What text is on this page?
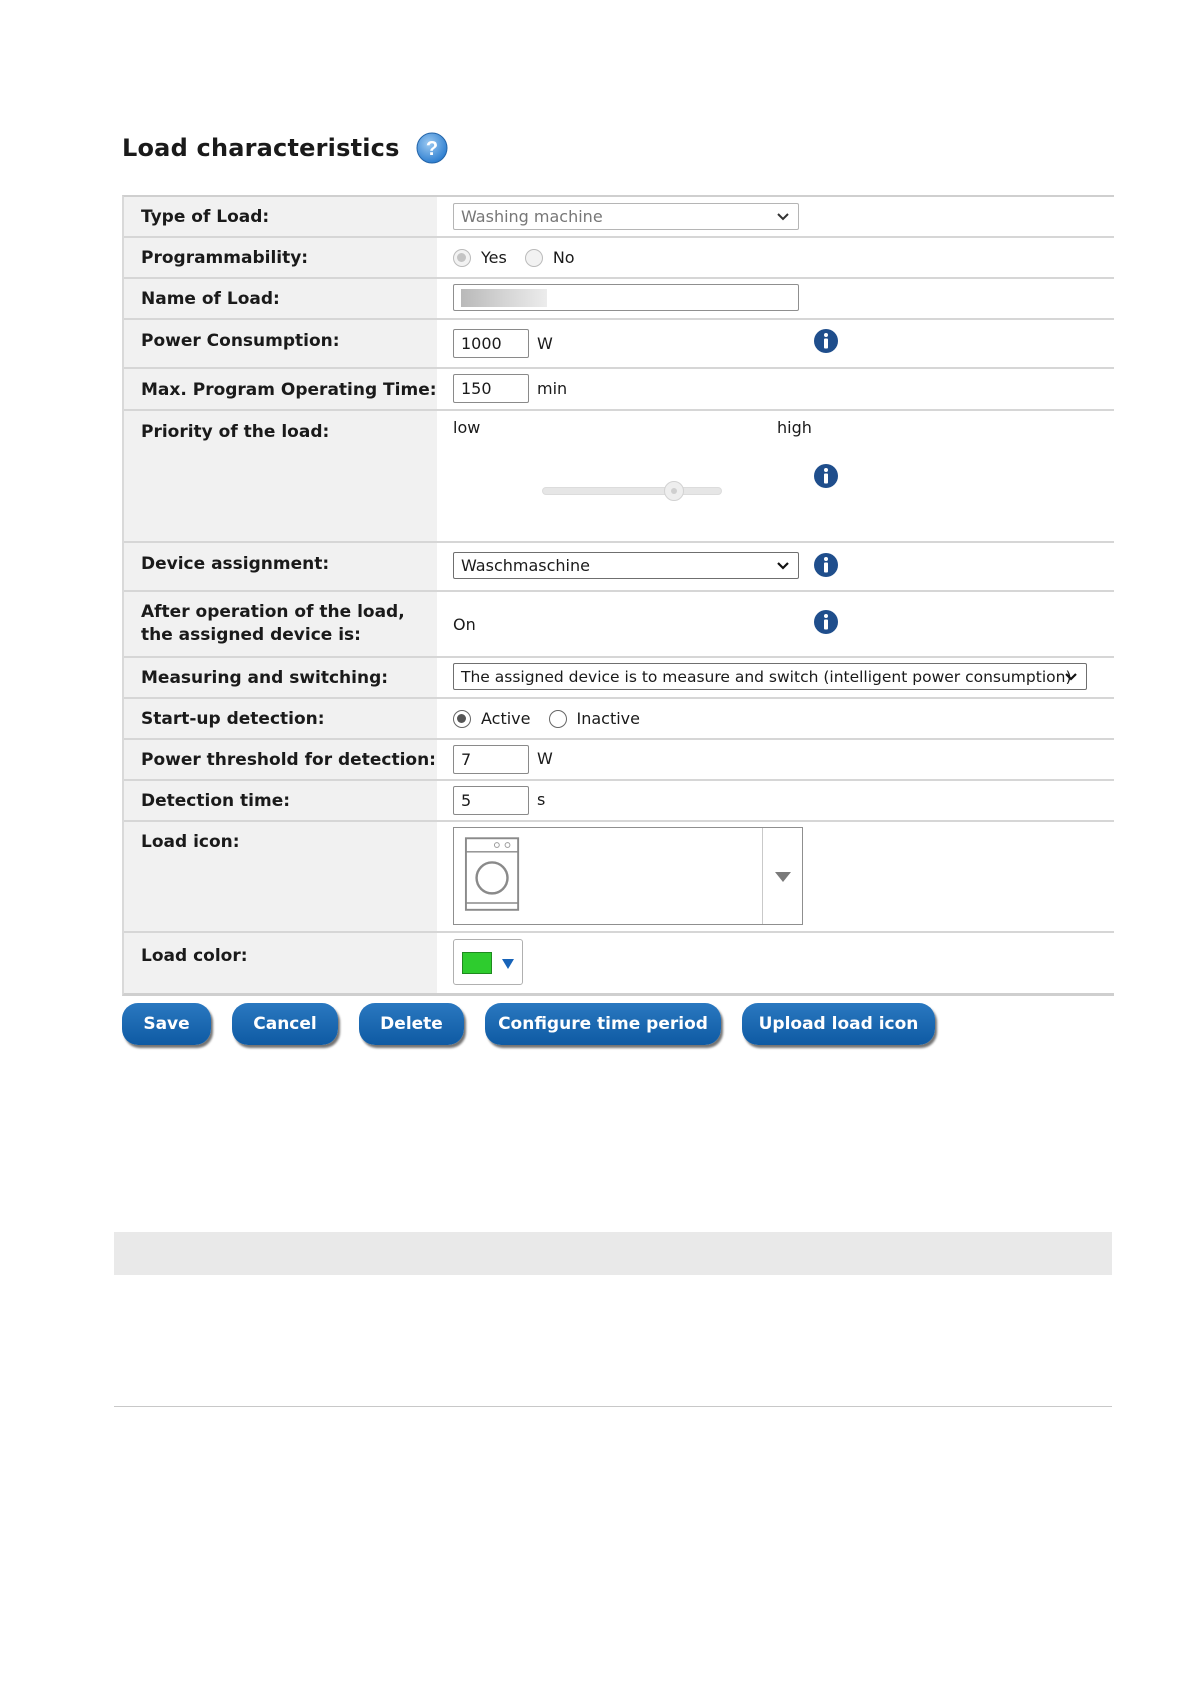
Load characteristics ?
Type of Load:	Washing machine
Programmability:	Yes	No
Name of Load:
Power Consumption:	1000	W
Max. Program Operating Time:	150	min
Priority of the load:	low	high
Device assignment:	Waschmaschine
After operation of the load, the assigned device is:
On
Measuring and switching:	The assigned device is to measure and switch (intelligent power consumption)
Start-up detection:	Active	Inactive
Power threshold for detection:	7	W
Detection time:	5	s
Load icon:
Load color:
Save	Cancel	Delete	Configure time period	Upload load icon
